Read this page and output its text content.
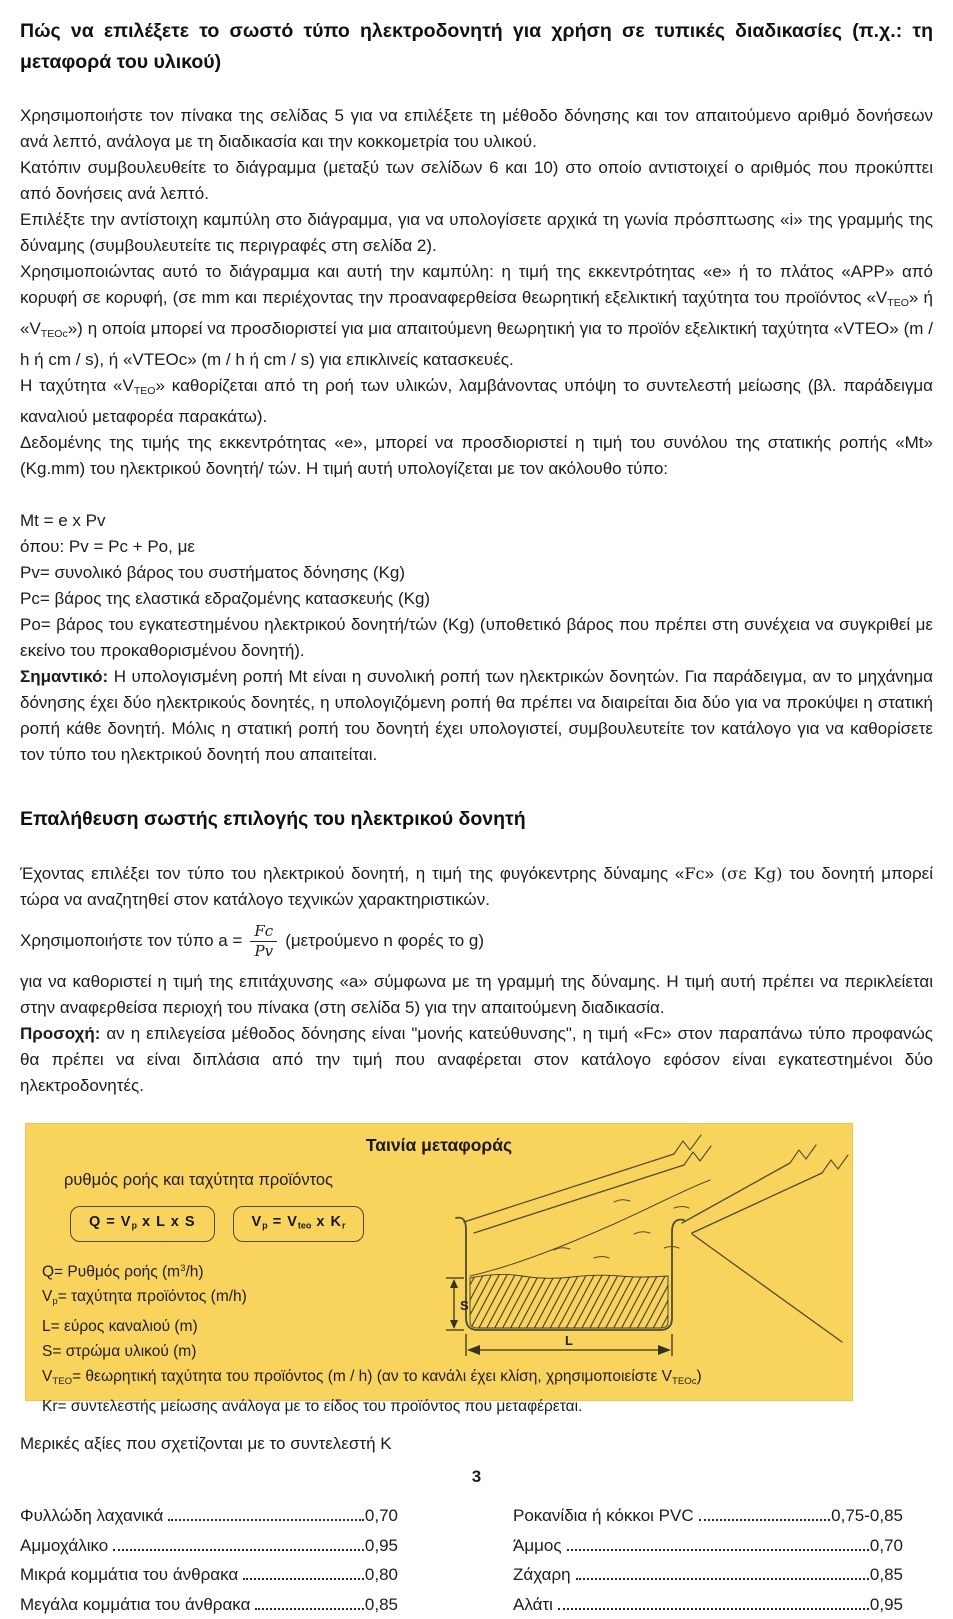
Πώς να επιλέξετε το σωστό τύπο ηλεκτροδονητή για χρήση σε τυπικές διαδικασίες (π.χ.: τη μεταφορά του υλικού)

Χρησιμοποιήστε τον πίνακα της σελίδας 5 για να επιλέξετε τη μέθοδο δόνησης και τον απαιτούμενο αριθμό δονήσεων ανά λεπτό, ανάλογα με τη διαδικασία και την κοκκομετρία του υλικού.

Κατόπιν συμβουλευθείτε το διάγραμμα (μεταξύ των σελίδων 6 και 10) στο οποίο αντιστοιχεί ο αριθμός που προκύπτει από δονήσεις ανά λεπτό.

Επιλέξτε την αντίστοιχη καμπύλη στο διάγραμμα, για να υπολογίσετε αρχικά τη γωνία πρόσπτωσης «i» της γραμμής της δύναμης (συμβουλευτείτε τις περιγραφές στη σελίδα 2).

Χρησιμοποιώντας αυτό το διάγραμμα και αυτή την καμπύλη: η τιμή της εκκεντρότητας «e» ή το πλάτος «APP» από κορυφή σε κορυφή, (σε mm και περιέχοντας την προαναφερθείσα θεωρητική εξελικτική ταχύτητα του προϊόντος «VTEO» ή «VTEOc») η οποία μπορεί να προσδιοριστεί για μια απαιτούμενη θεωρητική για το προϊόν εξελικτική ταχύτητα «VTEO» (m / h ή cm / s), ή «VTEOc» (m / h ή cm / s) για επικλινείς κατασκευές.

Η ταχύτητα «VTEO» καθορίζεται από τη ροή των υλικών, λαμβάνοντας υπόψη το συντελεστή μείωσης (βλ. παράδειγμα καναλιού μεταφορέα παρακάτω).

Δεδομένης της τιμής της εκκεντρότητας «e», μπορεί να προσδιοριστεί η τιμή του συνόλου της στατικής ροπής «Mt» (Kg.mm) του ηλεκτρικού δονητή/ τών. Η τιμή αυτή υπολογίζεται με τον ακόλουθο τύπο:

Mt = e x Pv

όπου: Pv = Pc + Po, με

Pv= συνολικό βάρος του συστήματος δόνησης (Kg)

Pc= βάρος της ελαστικά εδραζομένης κατασκευής (Kg)

Po= βάρος του εγκατεστημένου ηλεκτρικού δονητή/τών (Kg) (υποθετικό βάρος που πρέπει στη συνέχεια να συγκριθεί με εκείνο του προκαθορισμένου δονητή).

Σημαντικό: Η υπολογισμένη ροπή Mt είναι η συνολική ροπή των ηλεκτρικών δονητών. Για παράδειγμα, αν το μηχάνημα δόνησης έχει δύο ηλεκτρικούς δονητές, η υπολογιζόμενη ροπή θα πρέπει να διαιρείται δια δύο για να προκύψει η στατική ροπή κάθε δονητή. Μόλις η στατική ροπή του δονητή έχει υπολογιστεί, συμβουλευτείτε τον κατάλογο για να καθορίσετε τον τύπο του ηλεκτρικού δονητή που απαιτείται.

Επαλήθευση σωστής επιλογής του ηλεκτρικού δονητή

Έχοντας επιλέξει τον τύπο του ηλεκτρικού δονητή, η τιμή της φυγόκεντρης δύναμης «Fc» (σε Kg) του δονητή μπορεί τώρα να αναζητηθεί στον κατάλογο τεχνικών χαρακτηριστικών.

Χρησιμοποιήστε τον τύπο $a = \frac{Fc}{Pv} (\mu\varepsilon\tau\rho oύ\mu\varepsilon\nu o$ n φορές το g)

για να καθοριστεί η τιμή της επιτάχυνσης «a» σύμφωνα με τη γραμμή της δύναμης. Η τιμή αυτή πρέπει να περικλείεται στην αναφερθείσα περιοχή του πίνακα (στη σελίδα 5) για την απαιτούμενη διαδικασία.

Προσοχή: αν η επιλεγείσα μέθοδος δόνησης είναι "μονής κατεύθυνσης", η τιμή «Fc» στον παραπάνω τύπο προφανώς θα πρέπει να είναι διπλάσια από την τιμή που αναφέρεται στον κατάλογο εφόσον είναι εγκατεστημένοι δύο ηλεκτροδονητές.

Ταινία μεταφοράς
ρυθμός ροής και ταχύτητα προϊόντος
Q = Vp x L x S	Vp = Vteo x Kr
Q= Ρυθμός ροής $(m^3/h)$
Vp= ταχύτητα προϊόντος (m/h)
L= εύρος καναλιού (m)
S= στρώμα υλικού (m)
VTEO= θεωρητική ταχύτητα του προϊόντος (m / h) (αν το κανάλι έχει κλίση, χρησιμοποιείστε VTEOc)
Kr= συντελεστής μείωσης ανάλογα με το είδος του προϊόντος που μεταφέρεται.
S
L

Μερικές αξίες που σχετίζονται με το συντελεστή Κ

Φυλλώδη λαχανικά	0,70
Αμμοχάλικο	0,95
Μικρά κομμάτια του άνθρακα	0,80
Μεγάλα κομμάτια του άνθρακα	0,85
Ροκανίδια ή κόκκοι PVC	0,75-0,85
Άμμος	0,70
Ζάχαρη	0,85
Αλάτι	0,95
3
